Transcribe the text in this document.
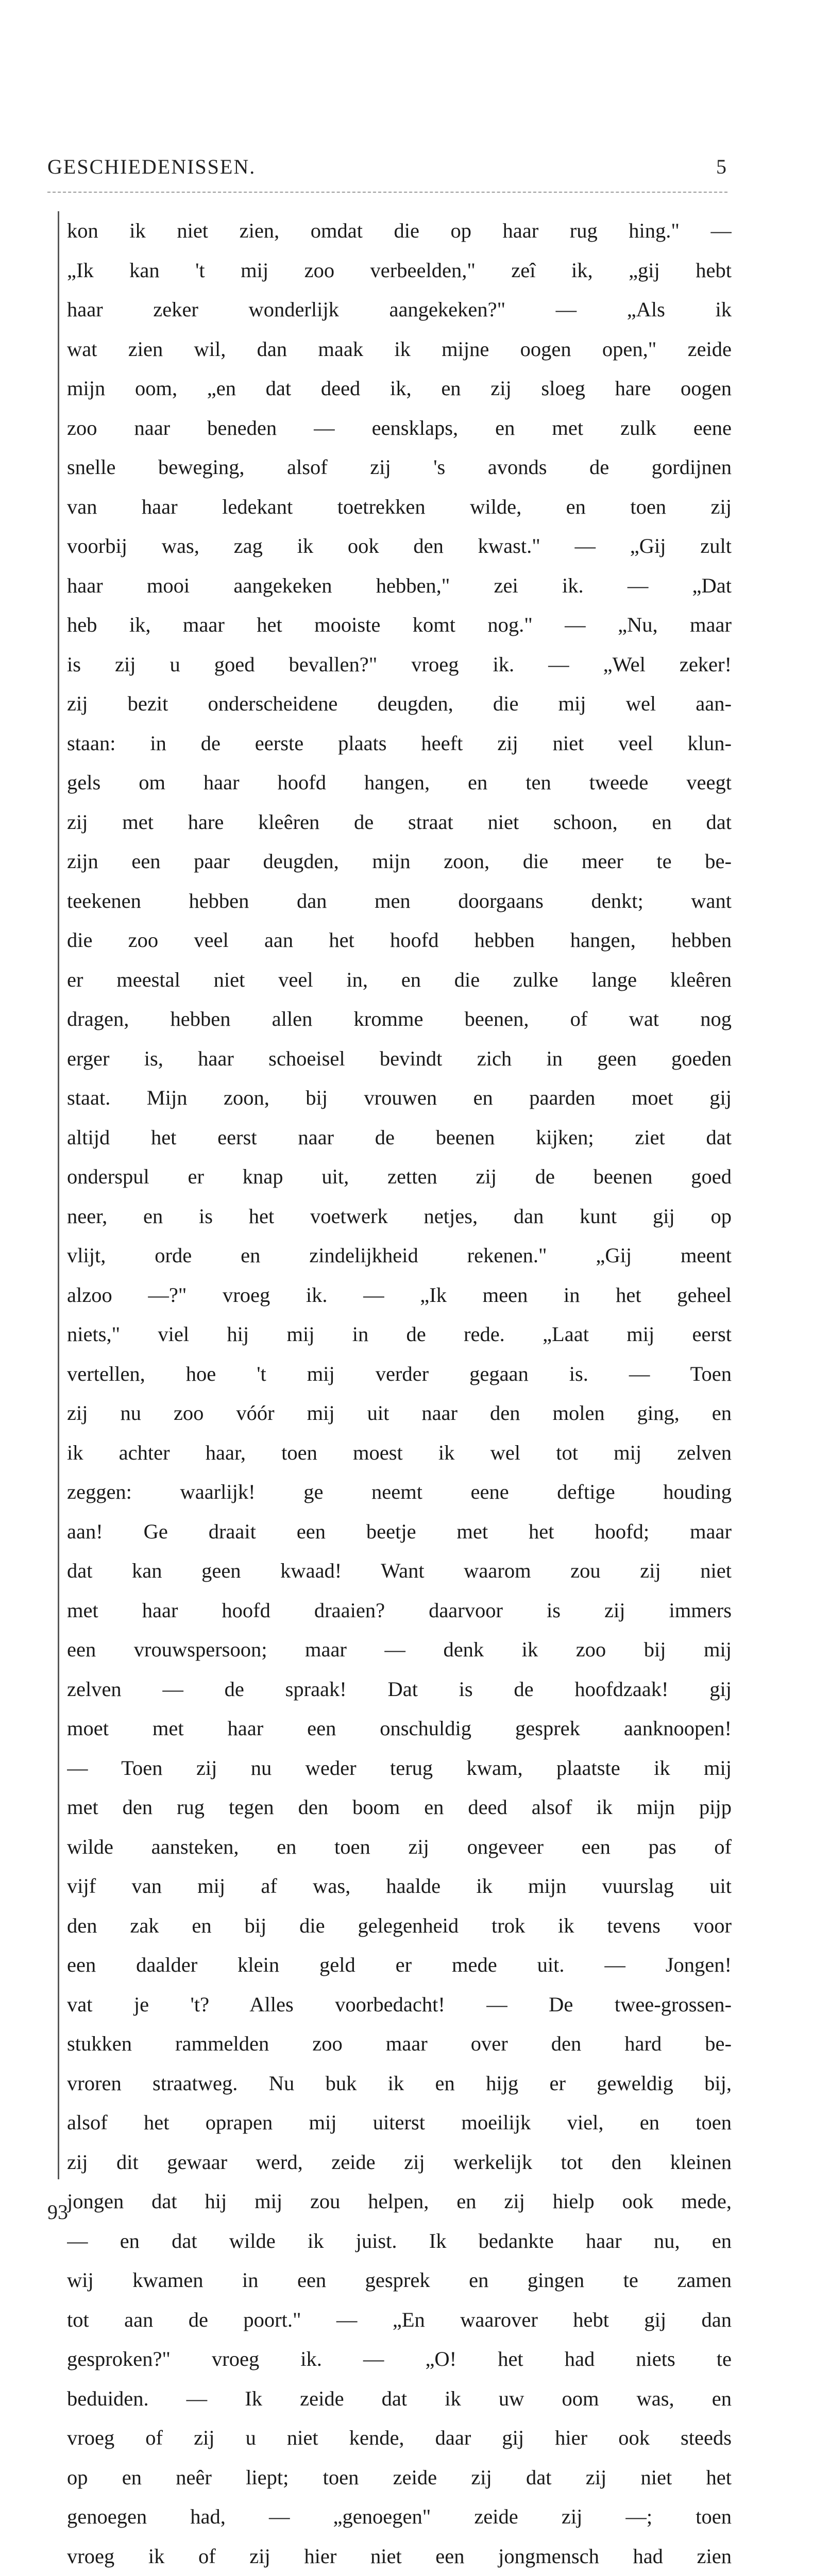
GESCHIEDENISSEN.	5
kon ik niet zien, omdat die op haar rug hing." —
„Ik kan 't mij zoo verbeelden," zeî ik, „gij hebt
haar zeker wonderlijk aangekeken?" — „Als ik
wat zien wil, dan maak ik mijne oogen open," zeide
mijn oom, „en dat deed ik, en zij sloeg hare oogen
zoo naar beneden — eensklaps, en met zulk eene
snelle beweging, alsof zij 's avonds de gordijnen
van haar ledekant toetrekken wilde, en toen zij
voorbij was, zag ik ook den kwast." — „Gij zult
haar mooi aangekeken hebben," zei ik. — „Dat
heb ik, maar het mooiste komt nog." — „Nu, maar
is zij u goed bevallen?" vroeg ik. — „Wel zeker!
zij bezit onderscheidene deugden, die mij wel aan-
staan: in de eerste plaats heeft zij niet veel klun-
gels om haar hoofd hangen, en ten tweede veegt
zij met hare kleêren de straat niet schoon, en dat
zijn een paar deugden, mijn zoon, die meer te be-
teekenen hebben dan men doorgaans denkt; want
die zoo veel aan het hoofd hebben hangen, hebben
er meestal niet veel in, en die zulke lange kleêren
dragen, hebben allen kromme beenen, of wat nog
erger is, haar schoeisel bevindt zich in geen goeden
staat. Mijn zoon, bij vrouwen en paarden moet gij
altijd het eerst naar de beenen kijken; ziet dat
onderspul er knap uit, zetten zij de beenen goed
neer, en is het voetwerk netjes, dan kunt gij op
vlijt, orde en zindelijkheid rekenen." „Gij meent
alzoo —?" vroeg ik. — „Ik meen in het geheel
niets," viel hij mij in de rede. „Laat mij eerst
vertellen, hoe 't mij verder gegaan is. — Toen
zij nu zoo vóór mij uit naar den molen ging, en
ik achter haar, toen moest ik wel tot mij zelven
zeggen: waarlijk! ge neemt eene deftige houding
aan! Ge draait een beetje met het hoofd; maar
dat kan geen kwaad! Want waarom zou zij niet
met haar hoofd draaien? daarvoor is zij immers
een vrouwspersoon; maar — denk ik zoo bij mij
zelven — de spraak! Dat is de hoofdzaak! gij
moet met haar een onschuldig gesprek aanknoopen!
— Toen zij nu weder terug kwam, plaatste ik mij
met den rug tegen den boom en deed alsof ik mijn pijp
wilde aansteken, en toen zij ongeveer een pas of
vijf van mij af was, haalde ik mijn vuurslag uit
den zak en bij die gelegenheid trok ik tevens voor
een daalder klein geld er mede uit. — Jongen!
vat je 't? Alles voorbedacht! — De twee-grossen-
stukken rammelden zoo maar over den hard be-
vroren straatweg. Nu buk ik en hijg er geweldig bij,
alsof het oprapen mij uiterst moeilijk viel, en toen
zij dit gewaar werd, zeide zij werkelijk tot den kleinen
jongen dat hij mij zou helpen, en zij hielp ook mede,
— en dat wilde ik juist. Ik bedankte haar nu, en
wij kwamen in een gesprek en gingen te zamen
tot aan de poort." — „En waarover hebt gij dan
gesproken?" vroeg ik. — „O! het had niets te
beduiden. — Ik zeide dat ik uw oom was, en
vroeg of zij u niet kende, daar gij hier ook steeds
op en neêr liept; toen zeide zij dat zij niet het
genoegen had, — „genoegen" zeide zij —; toen
vroeg ik of zij hier niet een jongmensch had zien
93
